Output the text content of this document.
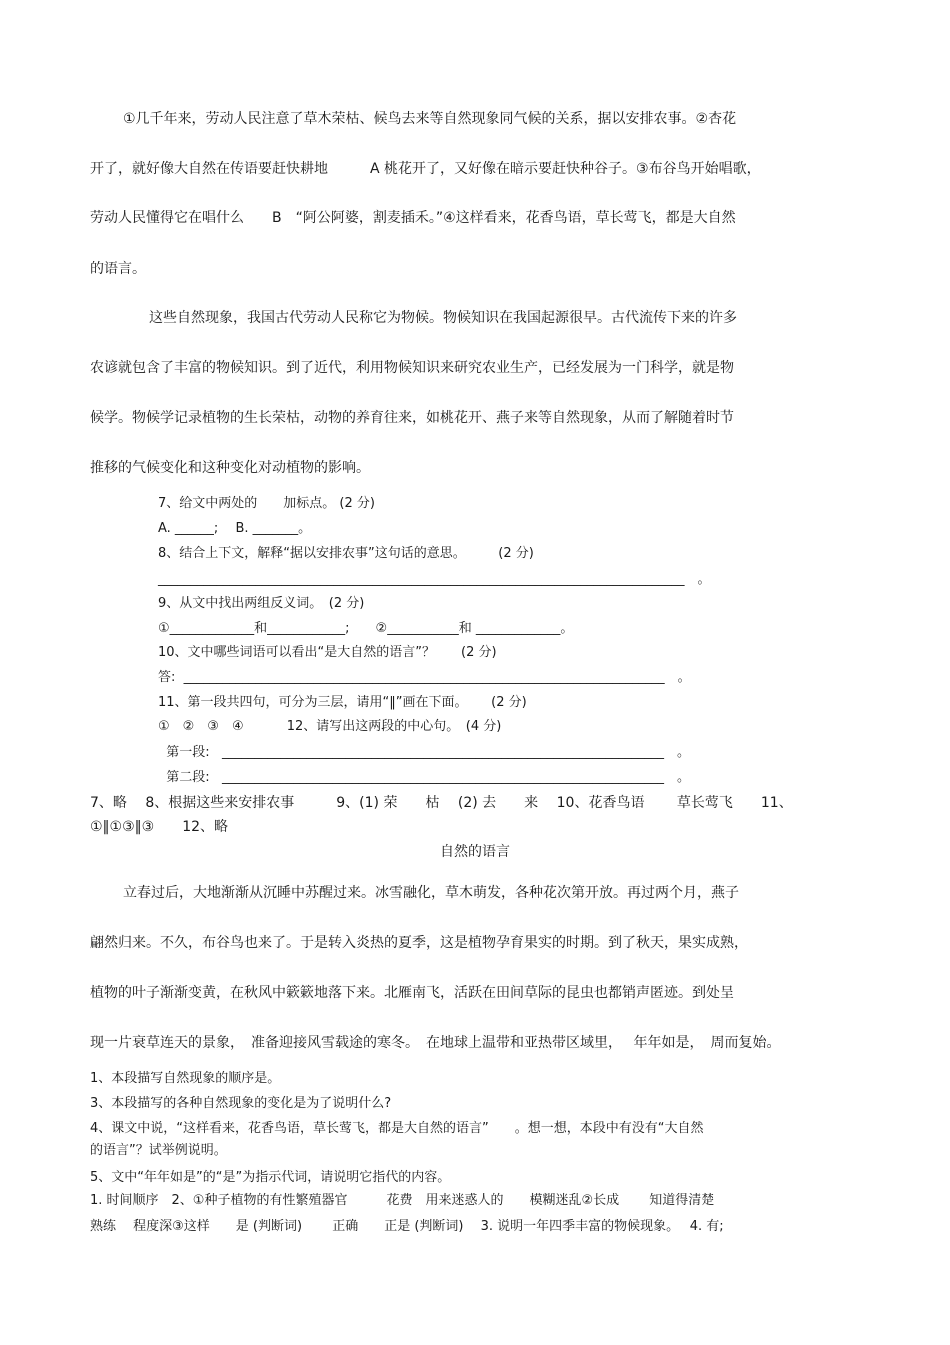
①几千年来，劳动人民注意了草木荣枯、候鸟去来等自然现象同气候的关系，据以安排农事。②杏花
开了，就好像大自然在传语要赶快耕地　　　A 桃花开了，又好像在暗示要赶快种谷子。③布谷鸟开始唱歌，
劳动人民懂得它在唱什么　　B　“阿公阿婆，割麦插禾。”④这样看来，花香鸟语，草长莺飞，都是大自然
的语言。
这些自然现象，我国古代劳动人民称它为物候。物候知识在我国起源很早。古代流传下来的许多
农谚就包含了丰富的物候知识。到了近代，利用物候知识来研究农业生产，已经发展为一门科学，就是物
候学。物候学记录植物的生长荣枯，动物的养育往来，如桃花开、燕子来等自然现象，从而了解随着时节
推移的气候变化和这种变化对动植物的影响。
7、给文中两处的　　加标点。 (2 分)
A. ______;　 B. _______。
8、结合上下文，解释“据以安排农事”这句话的意思。　　　(2 分)
_________________________________________________________________________________　。
9、从文中找出两组反义词。　(2 分)
①_____________和____________;　　②___________和 _____________。
10、文中哪些词语可以看出“是大自然的语言”？　　(2 分)
答:  __________________________________________________________________________　。
11、第一段共四句，可分为三层，请用“‖”画在下面。　　 (2 分)
①　②　③　④　　　 12、请写出这两段的中心句。　(4 分)
第一段:   ____________________________________________________________________　。
第二段:   ____________________________________________________________________　。
7、略　 8、根据这些来安排农事　　　9、(1) 荣　　枯　 (2) 去　　来　 10、花香鸟语　　 草长莺飞　　11、
①‖①③‖③　　12、略
自然的语言
立春过后，大地渐渐从沉睡中苏醒过来。冰雪融化，草木萌发，各种花次第开放。再过两个月，燕子
翩然归来。不久，布谷鸟也来了。于是转入炎热的夏季，这是植物孕育果实的时期。到了秋天，果实成熟，
植物的叶子渐渐变黄，在秋风中簌簌地落下来。北雁南飞，活跃在田间草际的昆虫也都销声匿迹。到处呈
现一片衰草连天的景象，　准备迎接风雪载途的寒冬。　在地球上温带和亚热带区域里，　 年年如是，　周而复始。
1、本段描写自然现象的顺序是。
3、本段描写的各种自然现象的变化是为了说明什么?
4、课文中说，“这样看来，花香鸟语，草长莺飞，都是大自然的语言”　　。想一想，本段中有没有“大自然
的语言”？试举例说明。
5、文中“年年如是”的“是”为指示代词，请说明它指代的内容。
1. 时间顺序　2、①种子植物的有性繁殖器官　　　花费　用来迷惑人的　　模糊迷乱②长成　　 知道得清楚
熟练　 程度深③这样　　是 (判断词)　　 正确　　正是 (判断词)　 3. 说明一年四季丰富的物候现象。　 4. 有;
